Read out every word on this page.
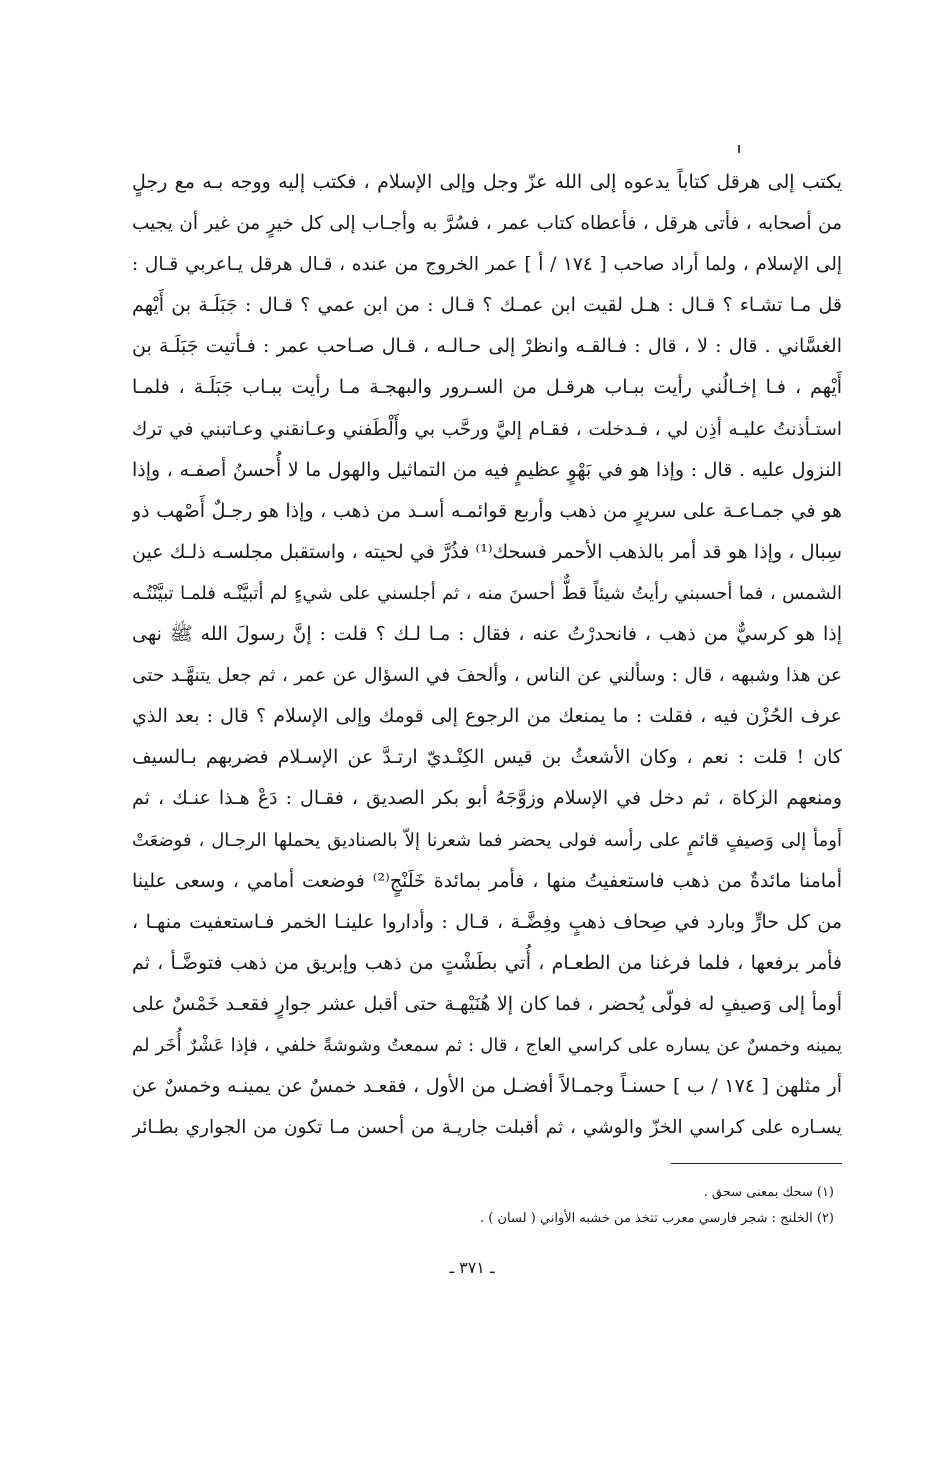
يكتب إلى هرقل كتاباً يدعوه إلى الله عزّ وجل وإلى الإسلام ، فكتب إليه ووجه بـه مع رجلٍ
من أصحابه ، فأتى هرقل ، فأعطاه كتاب عمر ، فسُرَّ به وأجـاب إلى كل خيرٍ من غير أن يجيب
إلى الإسلام ، ولما أراد صاحب [ ١٧٤ / أ ] عمر الخروج من عنده ، قـال هرقل يـاعربي قـال :
قل مـا تشـاء ؟ قـال : هـل لقيت ابن عمـك ؟ قـال : من ابن عمي ؟ قـال : جَبَلَـة بن أَيْهم
الغسَّاني . قال : لا ، قال : فـالقـه وانظرْ إلى حـالـه ، قـال صـاحب عمر : فـأتيت جَبَلَـة بن
أَيْهم ، فـا إخـالُني رأيت ببـاب هرقـل من السـرور والبهجـة مـا رأيت ببـاب جَبَلَـة ، فلمـا
استـأذنتُ عليـه أذِن لي ، فـدخلت ، فقـام إليَّ ورحَّب بي وأَلْطَفني وعـانقني وعـاتبني في ترك
النزول عليه . قال : وإذا هو في بَهْوٍ عظيمٍ فيه من التماثيل والهول ما لا أُحسنُ أصفـه ، وإذا
هو في جمـاعـة على سريرٍ من ذهب وأربع قوائمـه أسـد من ذهب ، وإذا هو رجـلٌ أَصْهب ذو
سِبال ، وإذا هو قد أمر بالذهب الأحمر فسحك⁽¹⁾ فذُرَّ في لحيته ، واستقبل مجلسـه ذلـك عين
الشمس ، فما أحسبني رأيتُ شيئاً قطٌّ أحسنَ منه ، ثم أجلسني على شيءٍ لم أتبيَّنْـه فلمـا تبيَّنْتُـه
إذا هو كرسيٌّ من ذهب ، فانحدرْتُ عنه ، فقال : مـا لـك ؟ قلت : إنَّ رسولَ الله ﷺ نهى
عن هذا وشبهه ، قال : وسألني عن الناس ، وألحفَ في السؤال عن عمر ، ثم جعل يتنهَّـد حتى
عرف الحُزْن فيه ، فقلت : ما يمنعك من الرجوع إلى قومك وإلى الإسلام ؟ قال : بعد الذي
كان ! قلت : نعم ، وكان الأشعثُ بن قيس الكِنْـديّ ارتـدَّ عن الإسـلام فضربهم بـالسيف
ومنعهم الزكاة ، ثم دخل في الإسلام وزوَّجَهُ أبو بكر الصديق ، فقـال : دَعْ هـذا عنـك ، ثم
أومأ إلى وَصيفٍ قائمٍ على رأسه فولى يحضر فما شعرنا إلاّ بالصناديق يحملها الرجـال ، فوضعَتْ
أمامنا مائدةٌ من ذهب فاستعفيتُ منها ، فأمر بمائدة خَلَنْجٍ⁽²⁾ فوضعت أمامي ، وسعى علينا
من كل حارٍّ وبارد في صِحاف ذهبٍ وفِضَّـة ، قـال : وأداروا علينـا الخمر فـاستعفيت منهـا ،
فأمر برفعها ، فلما فرغنا من الطعـام ، أُتي بطَشْتٍ من ذهب وإبريق من ذهب فتوضَّـأ ، ثم
أومأ إلى وَصيفٍ له فولّى يُحضر ، فما كان إلا هُنَيْهـة حتى أقبل عشر جوارٍ فقعـد خَمْسٌ على
يمينه وخمسٌ عن يساره على كراسي العاج ، قال : ثم سمعتُ وشوشةً خلفي ، فإذا عَشْرٌ أُخَر لم
أر مثلهن [ ١٧٤ / ب ] حسنـاً وجمـالاً أفضـل من الأول ، فقعـد خمسٌ عن يمينـه وخمسٌ عن
يسـاره على كراسي الخزّ والوشي ، ثم أقبلت جاريـة من أحسن مـا تكون من الجواري بطـائر
(١) سحك بمعنى سحق .
(٢) الخلنج : شجر فارسي معرب تتخذ من خشبه الأواني ( لسان ) .
ـ ٣٧١ ـ
